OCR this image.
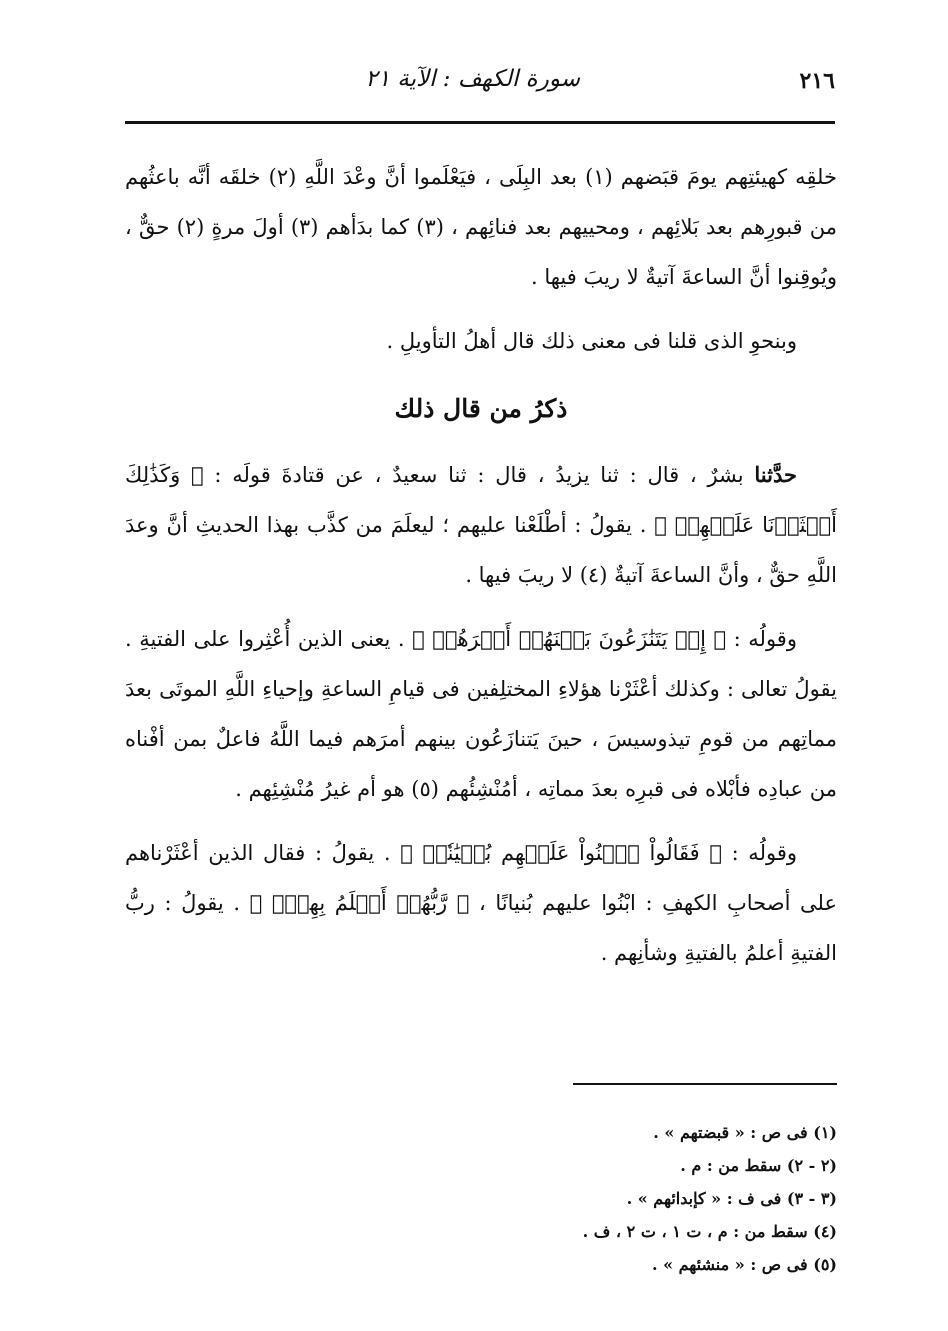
٢١٦
سورة الكهف : الآية ٢١

خلقِه كهيئتِهم يومَ قبَضهم (١) بعد البِلَى ، فيَعْلَموا أنَّ وعْدَ اللَّهِ (٢) خلقَه أنَّه باعثُهم من قبورِهم بعد بَلائِهم ، ومحييهم بعد فنائِهم ، (٣) كما بدَأهم (٣) أولَ مرةٍ (٢) حقٌّ ، ويُوقِنوا أنَّ الساعةَ آتيةٌ لا ريبَ فيها .

وبنحوِ الذى قلنا فى معنى ذلك قال أهلُ التأويلِ .

ذكرُ من قال ذلك

حدَّثنا بشرٌ ، قال : ثنا يزيدُ ، قال : ثنا سعيدٌ ، عن قتادةَ قولَه : ﴿ وَكَذَٰلِكَ أَعۡثَرۡنَا عَلَيۡهِمۡ ﴾ . يقولُ : أطْلَعْنا عليهم ؛ ليعلَمَ من كذَّب بهذا الحديثِ أنَّ وعدَ اللَّهِ حقٌّ ، وأنَّ الساعةَ آتيةٌ (٤) لا ريبَ فيها .

وقولُه : ﴿ إِذۡ يَتَنَٰزَعُونَ بَيۡنَهُمۡ أَمۡرَهُمۡ ﴾ . يعنى الذين أُعْثِروا على الفتيةِ . يقولُ تعالى : وكذلك أعْثَرْنا هؤلاءِ المختلِفين فى قيامِ الساعةِ وإحياءِ اللَّهِ الموتَى بعدَ مماتِهم من قومِ تيذوسيسَ ، حينَ يَتنازَعُون بينهم أمرَهم فيما اللَّهُ فاعلٌ بمن أفْناه من عبادِه فأبْلاه فى قبرِه بعدَ مماتِه ، أمُنْشِئُهم (٥) هو أم غيرُ مُنْشِئِهم .

وقولُه : ﴿ فَقَالُواْ ٱبۡنُواْ عَلَيۡهِم بُنۡيَٰنٗاۖ ﴾ . يقولُ : فقال الذين أعْثَرْناهم على أصحابِ الكهفِ : ابْنُوا عليهم بُنيانًا ، ﴿ رَّبُّهُمۡ أَعۡلَمُ بِهِمۡۚ ﴾ . يقولُ : ربُّ الفتيةِ أعلمُ بالفتيةِ وشأنِهم .

(١) فى ص : « قبضتهم » .

(٢ - ٢) سقط من : م .

(٣ - ٣) فى ف : « كإبدائهم » .

(٤) سقط من : م ، ت ١ ، ت ٢ ، ف .

(٥) فى ص : « منشئهم » .
